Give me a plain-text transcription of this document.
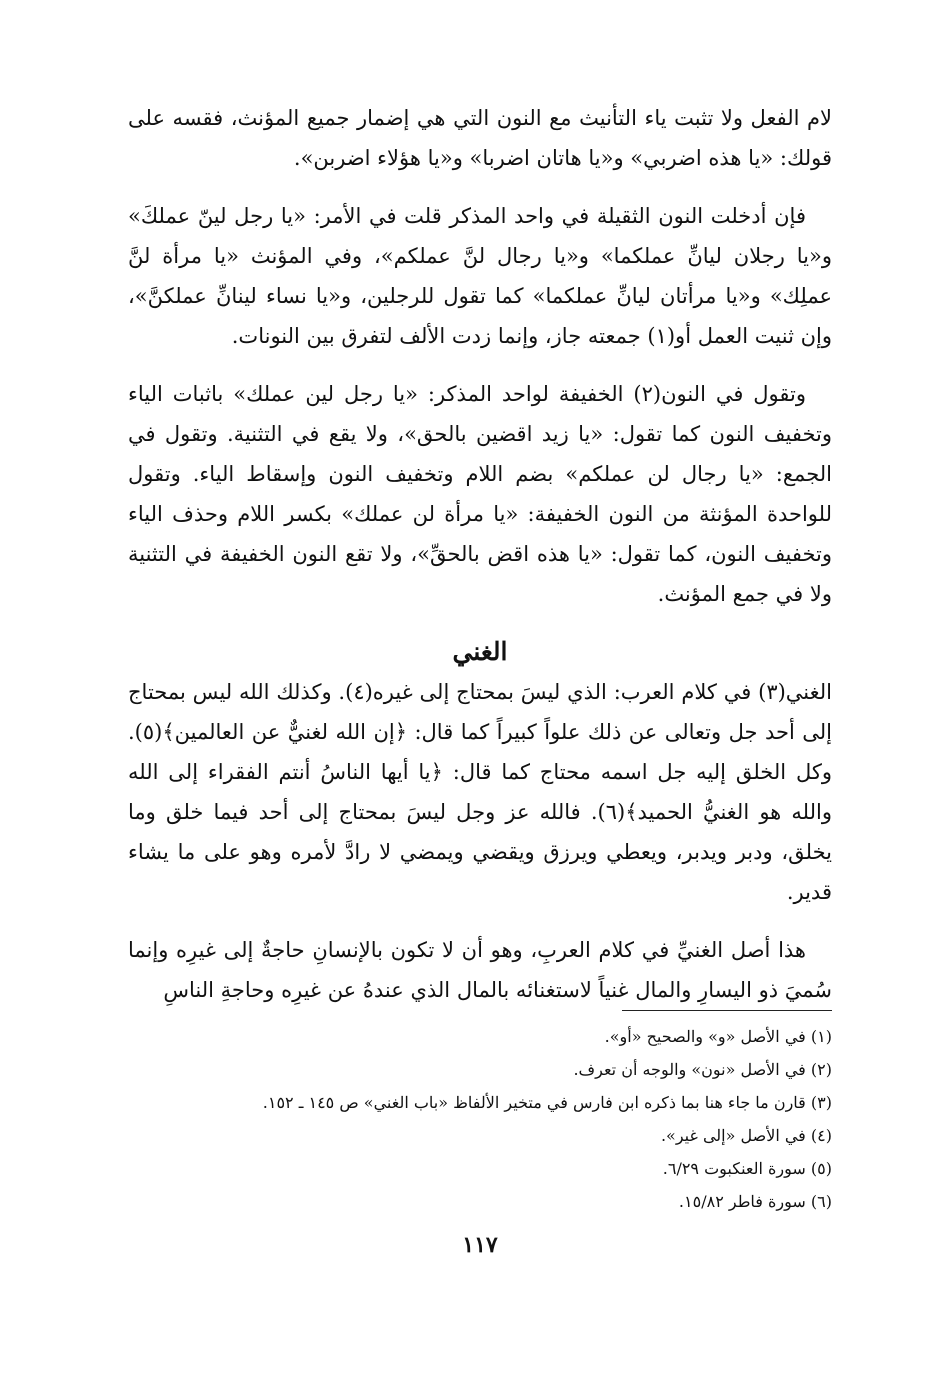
لام الفعل ولا تثبت ياء التأنيث مع النون التي هي إضمار جميع المؤنث، فقسه على قولك: «يا هذه اضربي» و«يا هاتان اضربا» و«يا هؤلاء اضربن».

فإن أدخلت النون الثقيلة في واحد المذكر قلت في الأمر: «يا رجل لينّ عملكَ» و«يا رجلان ليانِّ عملكما» و«يا رجال لنَّ عملكم»، وفي المؤنث «يا مرأة لنَّ عملِك» و«يا مرأتان ليانِّ عملكما» كما تقول للرجلين، و«يا نساء لينانِّ عملكنَّ»، وإن ثنيت العمل أو(١) جمعته جاز، وإنما زدت الألف لتفرق بين النونات.

وتقول في النون(٢) الخفيفة لواحد المذكر: «يا رجل لين عملك» باثبات الياء وتخفيف النون كما تقول: «يا زيد اقضين بالحق»، ولا يقع في التثنية. وتقول في الجمع: «يا رجال لن عملكم» بضم اللام وتخفيف النون وإسقاط الياء. وتقول للواحدة المؤنثة من النون الخفيفة: «يا مرأة لن عملك» بكسر اللام وحذف الياء وتخفيف النون، كما تقول: «يا هذه اقض بالحقِّ»، ولا تقع النون الخفيفة في التثنية ولا في جمع المؤنث.

الغني

الغني(٣) في كلام العرب: الذي ليسَ بمحتاج إلى غيره(٤). وكذلك الله ليس بمحتاج إلى أحد جل وتعالى عن ذلك علواً كبيراً كما قال: ﴿إن الله لغنيٌّ عن العالمين﴾(٥). وكل الخلق إليه جل اسمه محتاج كما قال: ﴿يا أيها الناسُ أنتم الفقراء إلى الله والله هو الغنيُّ الحميد﴾(٦). فالله عز وجل ليسَ بمحتاج إلى أحد فيما خلق وما يخلق، ودبر ويدبر، ويعطي ويرزق ويقضي ويمضي لا رادَّ لأمره وهو على ما يشاء قدير.

هذا أصل الغنيِّ في كلام العربِ، وهو أن لا تكون بالإنسانِ حاجةٌ إلى غيرِه وإنما سُميَ ذو اليسارِ والمال غنياً لاستغنائه بالمال الذي عندهُ عن غيرِه وحاجةِ الناسِ

(١) في الأصل «و» والصحيح «أو».
(٢) في الأصل «نون» والوجه أن تعرف.
(٣) قارن ما جاء هنا بما ذكره ابن فارس في متخير الألفاظ «باب الغني» ص ١٤٥ ـ ١٥٢.
(٤) في الأصل «إلى غير».
(٥) سورة العنكبوت ٦/٢٩.
(٦) سورة فاطر ١٥/٨٢.
١١٧
